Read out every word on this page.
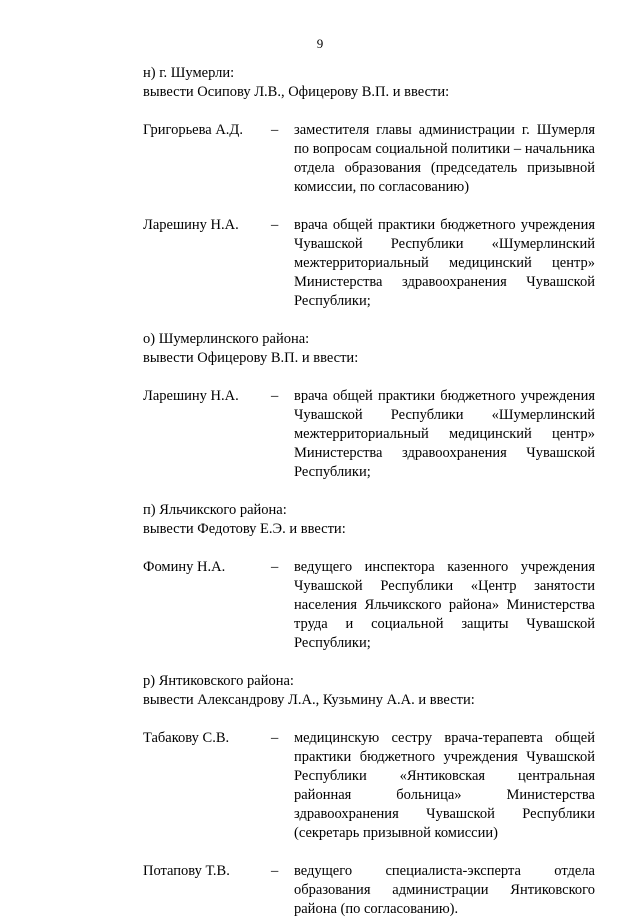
9

н) г. Шумерли:

вывести Осипову Л.В., Офицерову В.П. и ввести:

Григорьева А.Д.	–	заместителя главы администрации г. Шумерля по вопросам социальной политики – начальника отдела образования (председатель призывной комиссии, по согласованию)
Ларешину Н.А.	–	врача общей практики бюджетного учреждения Чувашской Республики «Шумерлинский межтерриториальный медицинский центр» Министерства здравоохранения Чувашской Республики;

о) Шумерлинского района:

вывести Офицерову В.П. и ввести:

Ларешину Н.А.	–	врача общей практики бюджетного учреждения Чувашской Республики «Шумерлинский межтерриториальный медицинский центр» Министерства здравоохранения Чувашской Республики;

п) Яльчикского района:

вывести Федотову Е.Э. и ввести:

Фомину Н.А.	–	ведущего инспектора казенного учреждения Чувашской Республики «Центр занятости населения Яльчикского района» Министерства труда и социальной защиты Чувашской Республики;

р) Янтиковского района:

вывести Александрову Л.А., Кузьмину А.А. и ввести:

Табакову С.В.	–	медицинскую сестру врача-терапевта общей практики бюджетного учреждения Чувашской Республики «Янтиковская центральная районная больница» Министерства здравоохранения Чувашской Республики (секретарь призывной комиссии)
Потапову Т.В.	–	ведущего специалиста-эксперта отдела образования администрации Янтиковского района (по согласованию).
